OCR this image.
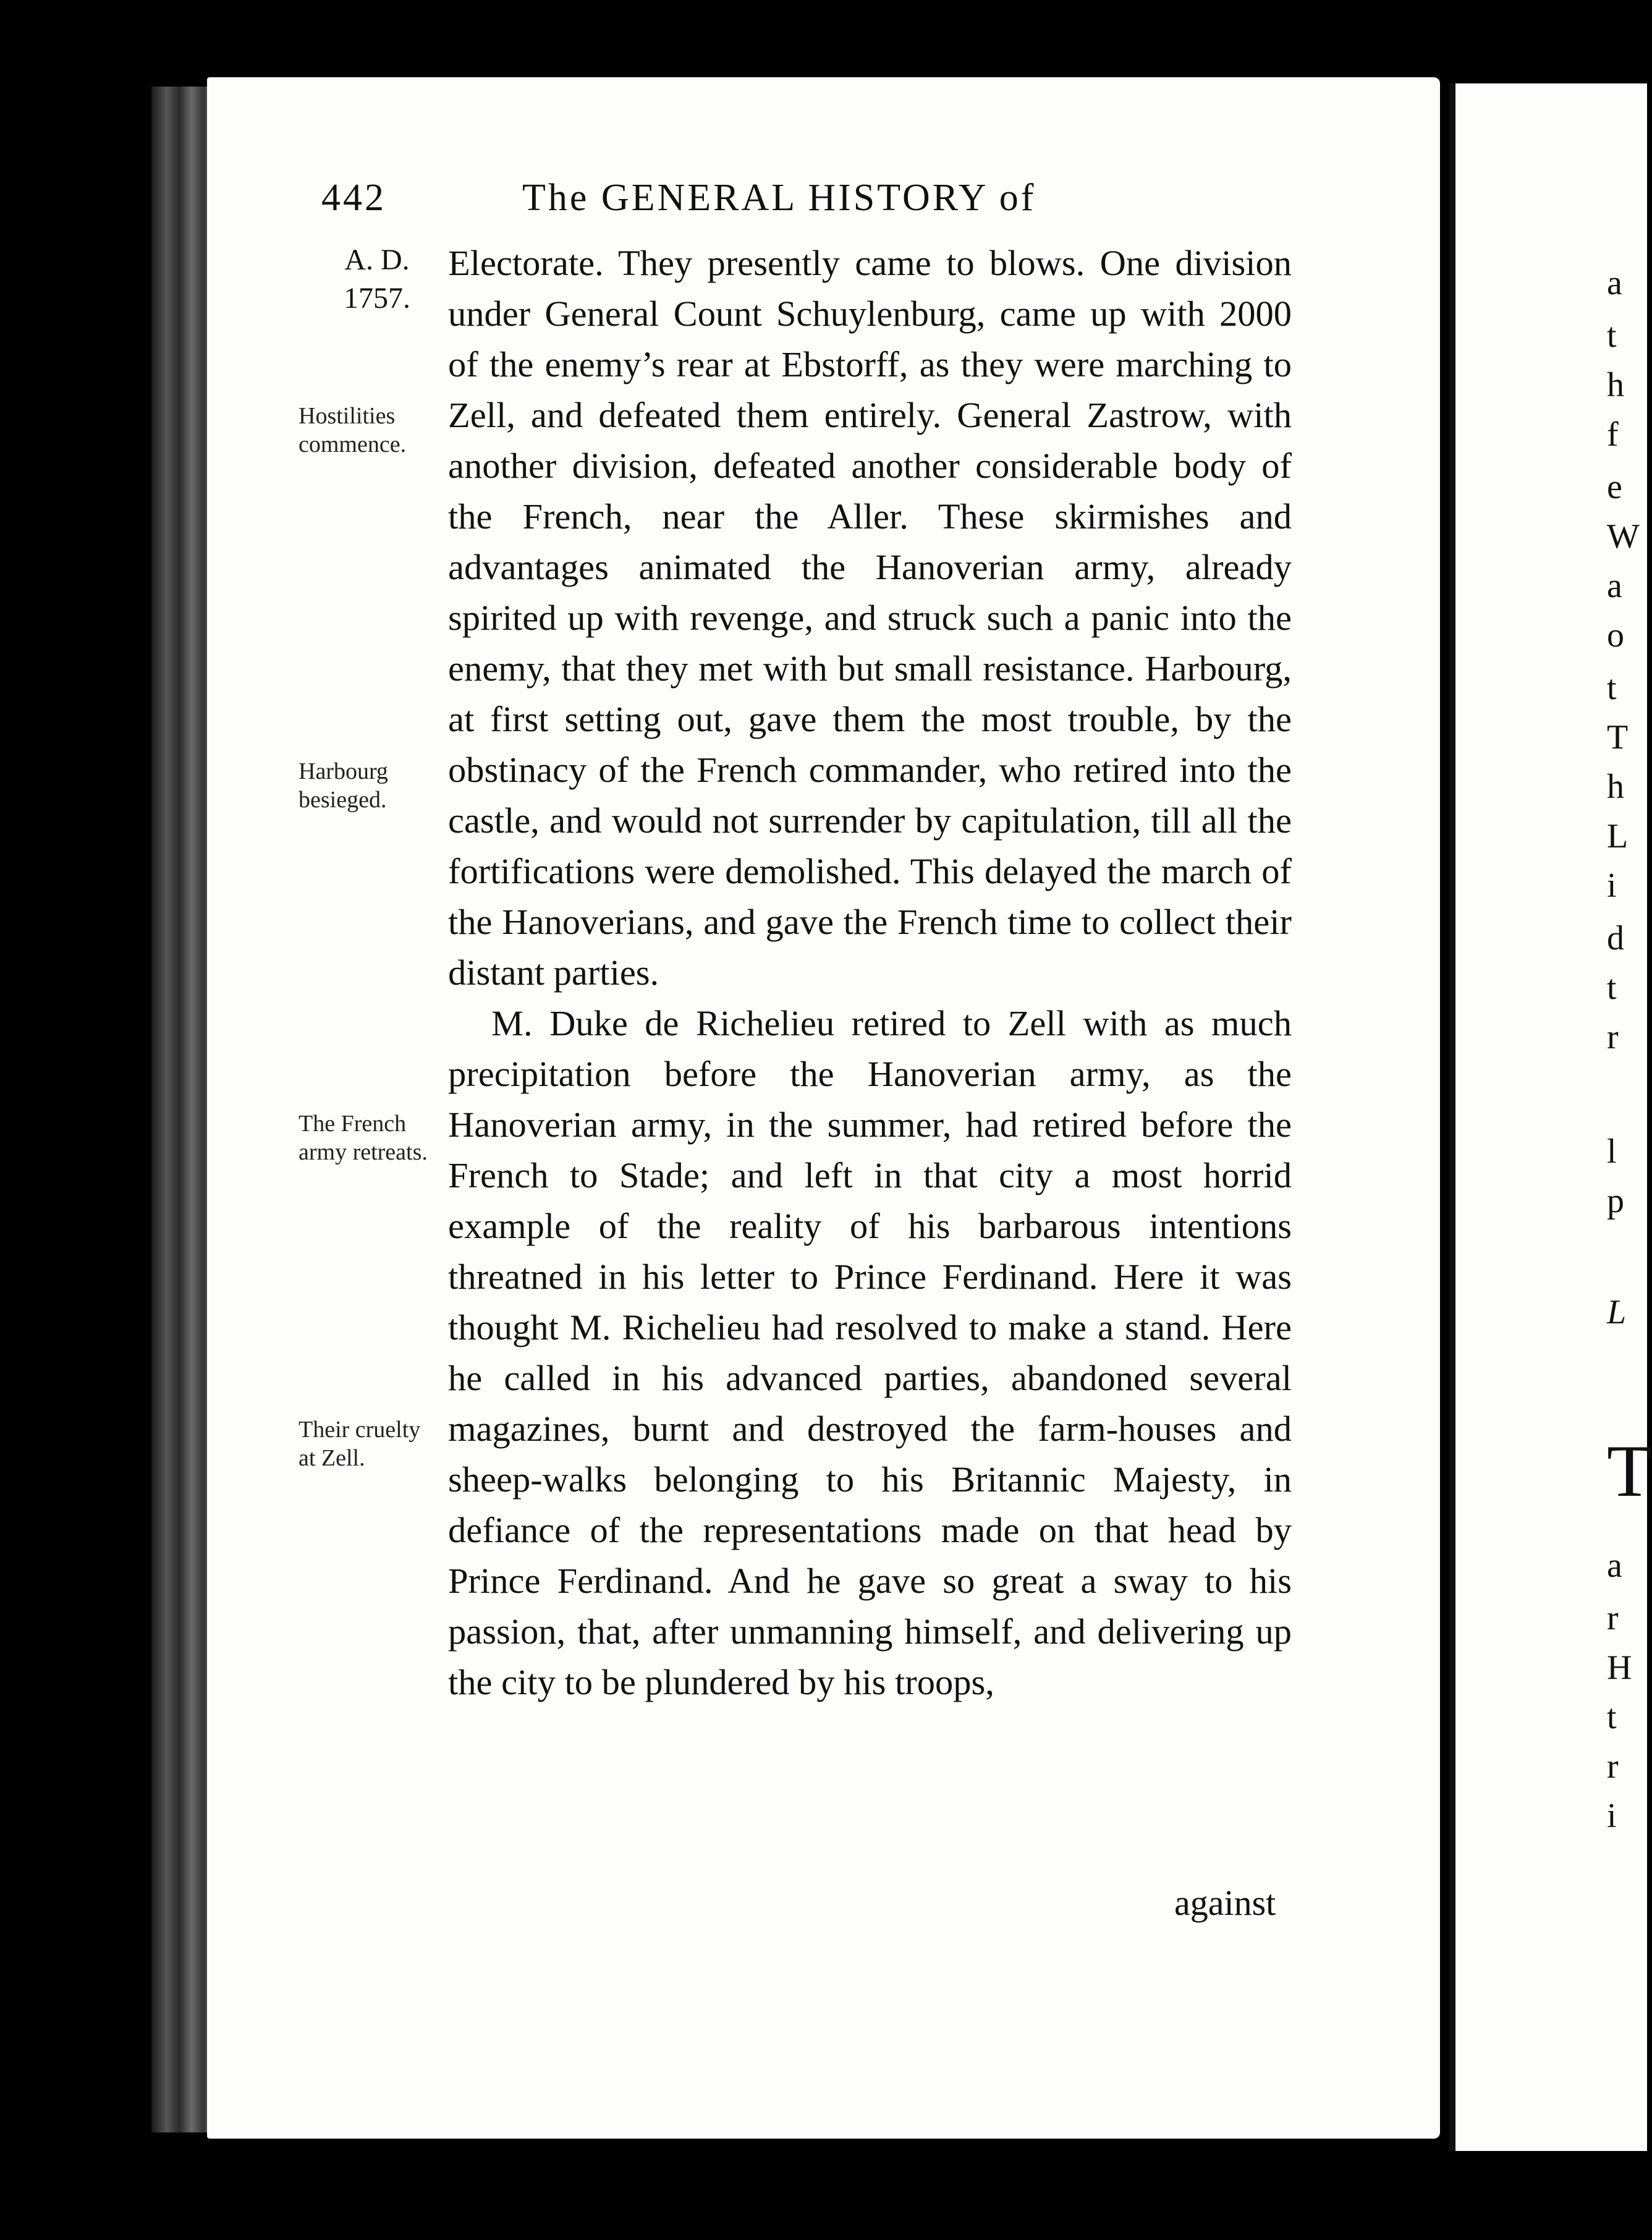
442	The GENERAL HISTORY of
A. D.
1757.
Hostilities commence.
Harbourg besieged.
The French army retreats.
Their cruelty at Zell.

Electorate. They presently came to blows. One division under General Count Schuylenburg, came up with 2000 of the enemy’s rear at Ebstorff, as they were marching to Zell, and defeated them entirely. General Zastrow, with another division, defeated another considerable body of the French, near the Aller. These skirmishes and advantages animated the Hanoverian army, already spirited up with revenge, and struck such a panic into the enemy, that they met with but small resistance. Harbourg, at first setting out, gave them the most trouble, by the obstinacy of the French commander, who retired into the castle, and would not surrender by capitulation, till all the fortifications were demolished. This delayed the march of the Hanoverians, and gave the French time to collect their distant parties.

M. Duke de Richelieu retired to Zell with as much precipitation before the Hanoverian army, as the Hanoverian army, in the summer, had retired before the French to Stade; and left in that city a most horrid example of the reality of his barbarous intentions threatned in his letter to Prince Ferdinand. Here it was thought M. Richelieu had resolved to make a stand. Here he called in his advanced parties, abandoned several magazines, burnt and destroyed the farm-houses and sheep-walks belonging to his Britannic Majesty, in defiance of the representations made on that head by Prince Ferdinand. And he gave so great a sway to his passion, that, after unmanning himself, and delivering up the city to be plundered by his troops,

against
a
t
h
f
e
W
a
o
t
T
h
L
i
d
t
r
l
p
L
T
a
r
H
t
r
i
